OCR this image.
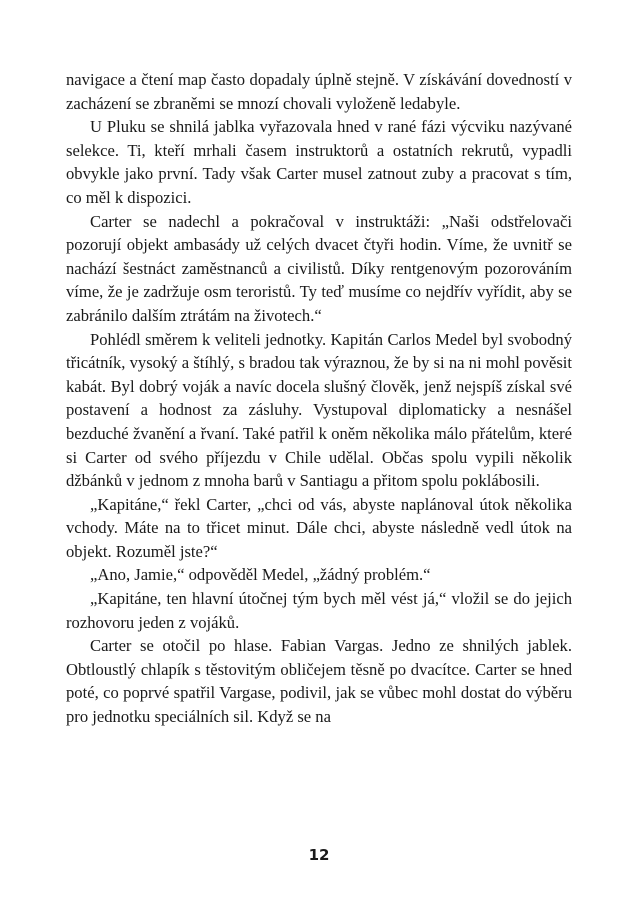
navigace a čtení map často dopadaly úplně stejně. V získávání dovedností v zacházení se zbraněmi se mnozí chovali vyloženě ledabyle.

U Pluku se shnilá jablka vyřazovala hned v rané fázi výcviku nazývané selekce. Ti, kteří mrhali časem instruktorů a ostatních rekrutů, vypadli obvykle jako první. Tady však Carter musel zatnout zuby a pracovat s tím, co měl k dispozici.

Carter se nadechl a pokračoval v instruktáži: „Naši odstřelovači pozorují objekt ambasády už celých dvacet čtyři hodin. Víme, že uvnitř se nachází šestnáct zaměstnanců a civilistů. Díky rentgenovým pozorováním víme, že je zadržuje osm teroristů. Ty teď musíme co nejdřív vyřídit, aby se zabránilo dalším ztrátám na životech.“

Pohlédl směrem k veliteli jednotky. Kapitán Carlos Medel byl svobodný třicátník, vysoký a štíhlý, s bradou tak výraznou, že by si na ni mohl pověsit kabát. Byl dobrý voják a navíc docela slušný člověk, jenž nejspíš získal své postavení a hodnost za zásluhy. Vystupoval diplomaticky a nesnášel bezduché žvanění a řvaní. Také patřil k oněm několika málo přátelům, které si Carter od svého příjezdu v Chile udělal. Občas spolu vypili několik džbánků v jednom z mnoha barů v Santiagu a přitom spolu poklábosili.

„Kapitáne,“ řekl Carter, „chci od vás, abyste naplánoval útok několika vchody. Máte na to třicet minut. Dále chci, abyste následně vedl útok na objekt. Rozuměl jste?“

„Ano, Jamie,“ odpověděl Medel, „žádný problém.“

„Kapitáne, ten hlavní útočnej tým bych měl vést já,“ vložil se do jejich rozhovoru jeden z vojáků.

Carter se otočil po hlase. Fabian Vargas. Jedno ze shnilých jablek. Obtloustlý chlapík s těstovitým obličejem těsně po dvacítce. Carter se hned poté, co poprvé spatřil Vargase, podivil, jak se vůbec mohl dostat do výběru pro jednotku speciálních sil. Když se na

12
